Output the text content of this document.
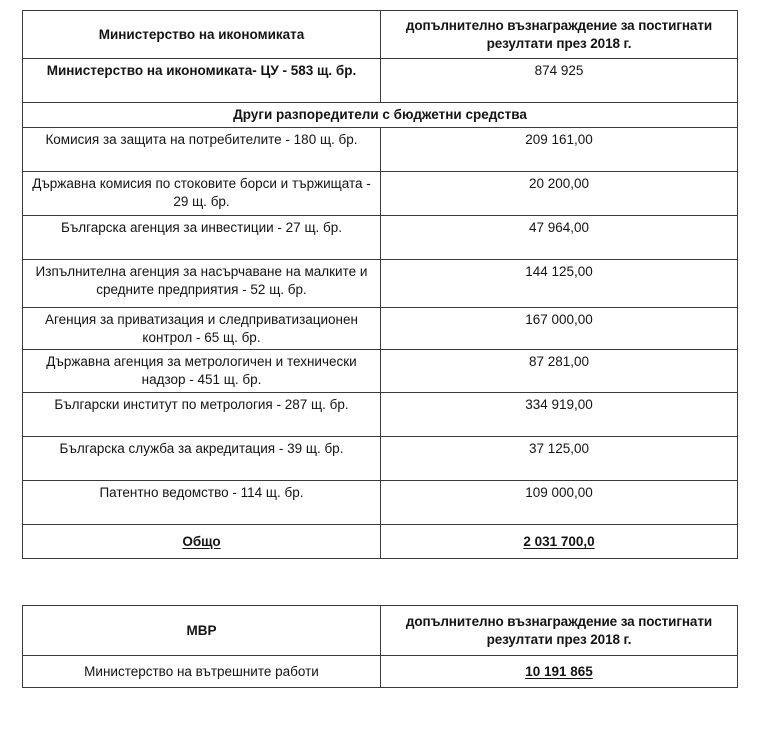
Министерство на икономиката	допълнително възнаграждение за постигнати резултати през 2018 г.
Министерство на икономиката- ЦУ - 583 щ. бр.	874 925
Други разпоредители с бюджетни средства	
Комисия за защита на потребителите - 180 щ. бр.	209 161,00
Държавна комисия по стоковите борси и тържищата - 29 щ. бр.	20 200,00
Българска агенция за инвестиции - 27 щ. бр.	47 964,00
Изпълнителна агенция за насърчаване на малките и средните предприятия - 52 щ. бр.	144 125,00
Агенция за приватизация и следприватизационен контрол - 65 щ. бр.	167 000,00
Държавна агенция за метрологичен и технически надзор - 451 щ. бр.	87 281,00
Български институт по метрология - 287 щ. бр.	334 919,00
Българска служба за акредитация - 39 щ. бр.	37 125,00
Патентно ведомство - 114 щ. бр.	109 000,00
Общо	2 031 700,0
МВР	допълнително възнаграждение за постигнати резултати през 2018 г.
Министерство на вътрешните работи	10 191 865
